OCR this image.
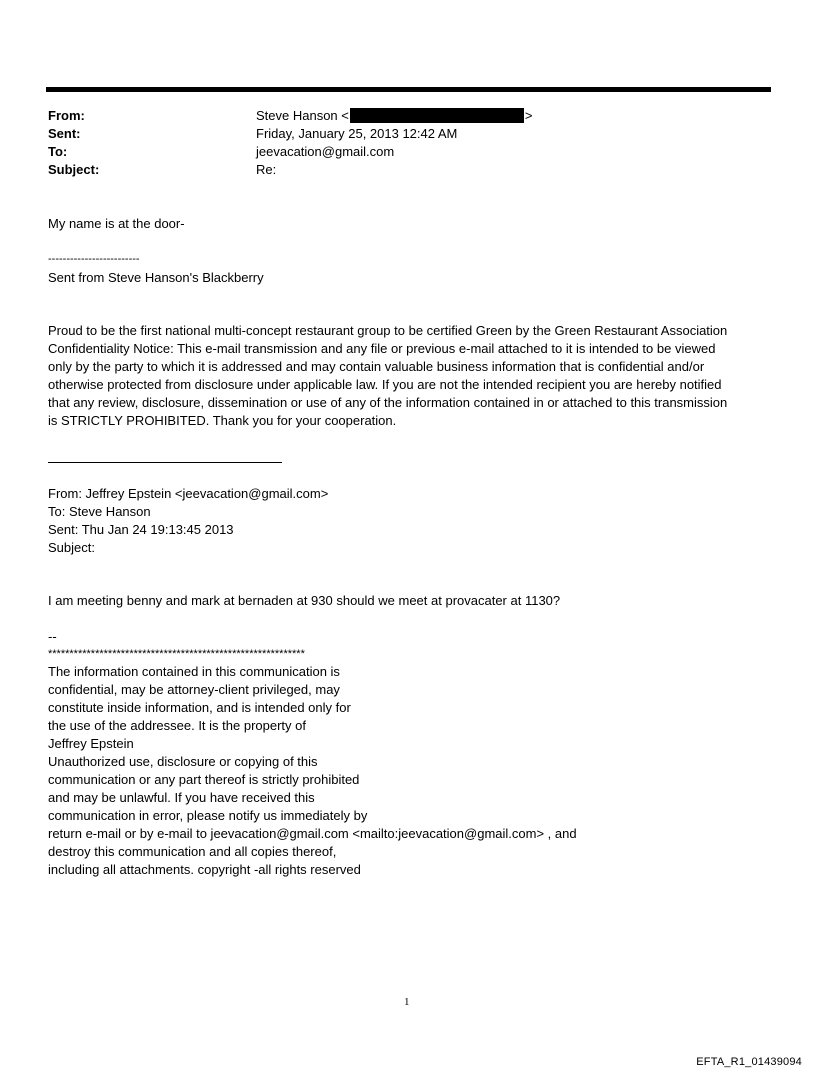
From:	Steve Hanson <	>
Sent:	Friday, January 25, 2013 12:42 AM
To:	jeevacation@gmail.com
Subject:	Re:
My name is at the door-
-------------------------
Sent from Steve Hanson's Blackberry
Proud to be the first national multi-concept restaurant group to be certified Green by the Green Restaurant Association
Confidentiality Notice: This e-mail transmission and any file or previous e-mail attached to it is intended to be viewed
only by the party to which it is addressed and may contain valuable business information that is confidential and/or
otherwise protected from disclosure under applicable law. If you are not the intended recipient you are hereby notified
that any review, disclosure, dissemination or use of any of the information contained in or attached to this transmission
is STRICTLY PROHIBITED. Thank you for your cooperation.
From: Jeffrey Epstein <jeevacation@gmail.com>
To: Steve Hanson
Sent: Thu Jan 24 19:13:45 2013
Subject:
I am meeting benny and mark at bernaden at 930 should we meet at provacater at 1130?
--
************************************************************
The information contained in this communication is
confidential, may be attorney-client privileged, may
constitute inside information, and is intended only for
the use of the addressee. It is the property of
Jeffrey Epstein
Unauthorized use, disclosure or copying of this
communication or any part thereof is strictly prohibited
and may be unlawful. If you have received this
communication in error, please notify us immediately by
return e-mail or by e-mail to jeevacation@gmail.com <mailto:jeevacation@gmail.com> , and
destroy this communication and all copies thereof,
including all attachments. copyright -all rights reserved
1
EFTA_R1_01439094
